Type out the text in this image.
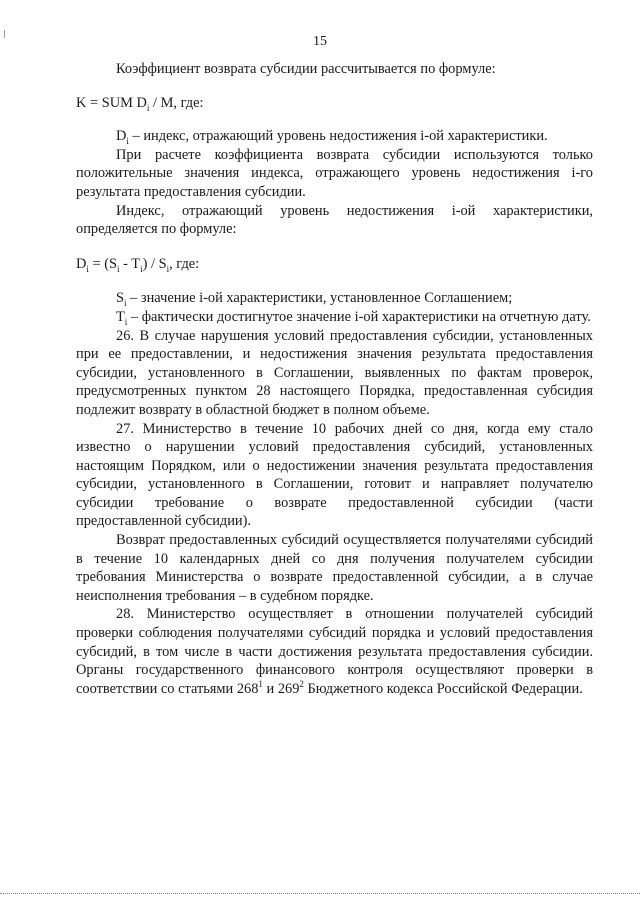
15

Коэффициент возврата субсидии рассчитывается по формуле:

K = SUM $D_i$ / M, где:

$D_i$ – индекс, отражающий уровень недостижения i-ой характеристики.

При расчете коэффициента возврата субсидии используются только положительные значения индекса, отражающего уровень недостижения i-го результата предоставления субсидии.

Индекс, отражающий уровень недостижения i-ой характеристики, определяется по формуле:

$D_i = (S_i - T_i) / S_i$, где:

$S_i$ – значение i-ой характеристики, установленное Соглашением;

$T_i$ – фактически достигнутое значение i-ой характеристики на отчетную дату.

26. В случае нарушения условий предоставления субсидии, установленных при ее предоставлении, и недостижения значения результата предоставления субсидии, установленного в Соглашении, выявленных по фактам проверок, предусмотренных пунктом 28 настоящего Порядка, предоставленная субсидия подлежит возврату в областной бюджет в полном объеме.

27. Министерство в течение 10 рабочих дней со дня, когда ему стало известно о нарушении условий предоставления субсидий, установленных настоящим Порядком, или о недостижении значения результата предоставления субсидии, установленного в Соглашении, готовит и направляет получателю субсидии требование о возврате предоставленной субсидии (части предоставленной субсидии).

Возврат предоставленных субсидий осуществляется получателями субсидий в течение 10 календарных дней со дня получения получателем субсидии требования Министерства о возврате предоставленной субсидии, а в случае неисполнения требования – в судебном порядке.

28. Министерство осуществляет в отношении получателей субсидий проверки соблюдения получателями субсидий порядка и условий предоставления субсидий, в том числе в части достижения результата предоставления субсидии. Органы государственного финансового контроля осуществляют проверки в соответствии со статьями $268^1$ и $269^2$ Бюджетного кодекса Российской Федерации.
